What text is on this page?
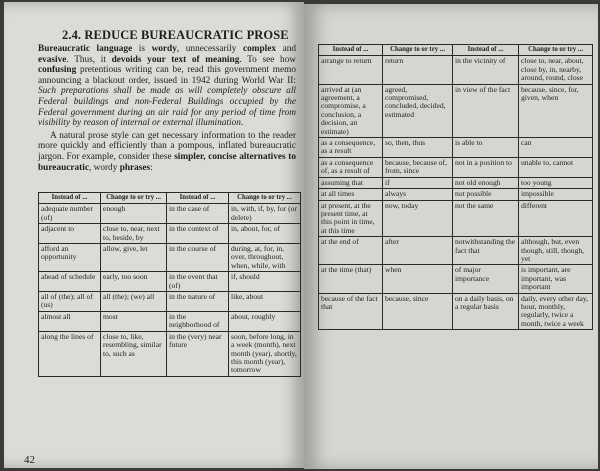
2.4. REDUCE BUREAUCRATIC PROSE

Bureaucratic language is wordy, unnecessarily complex and evasive. Thus, it devoids your text of meaning. To see how confusing pretentious writing can be, read this government memo announcing a blackout order, issued in 1942 during World War II: Such preparations shall be made as will completely obscure all Federal buildings and non-Federal Buildings occupied by the Federal government during an air raid for any period of time from visibility by reason of internal or external illumination.

A natural prose style can get necessary information to the reader more quickly and efficiently than a pompous, inflated bureaucratic jargon. For example, consider these simpler, concise alternatives to bureaucratic, wordy phrases:

Instead of ...	Change to or try ...	Instead of ...	Change to or try ...
adequate number (of)	enough	in the case of	in, with, if, by, for (or delete)
adjacent to	close to, near, next to, beside, by	in the context of	in, about, for, of
afford an opportunity	allow, give, let	in the course of	during, at, for, in, over, throughout, when, while, with
ahead of schedule	early, too soon	in the event that (of)	if, should
all of (the); all of (us)	all (the); (we) all	in the nature of	like, about
almost all	most	in the neighborhood of	about, roughly
along the lines of	close to, like, resembling, similar to, such as	in the (very) near future	soon, before long, in a week (month), next month (year), shortly, this month (year), tomorrow
42
Instead of ...	Change to or try ...	Instead of ...	Change to or try ...
arrange to return	return	in the vicinity of	close to, near, about, close by, in, nearby, around, round, close
arrived at (an agreement, a compromise, a conclusion, a decision, an estimate)	agreed, compromised, concluded, decided, estimated	in view of the fact	because, since, for, given, when
as a consequence, as a result	so, then, thus	is able to	can
as a consequence of, as a result of	because, because of, from, since	not in a position to	unable to, cannot
assuming that	if	not old enough	too young
at all times	always	not possible	impossible
at present, at the present time, at this point in time, at this time	now, today	not the same	different
at the end of	after	notwithstanding the fact that	although, but, even though, still, though, yet
at the time (that)	when	of major importance	is important, are important, was important
because of the fact that	because, since	on a daily basis, on a regular basis	daily, every other day, hour, monthly, regularly, twice a month, twice a week
